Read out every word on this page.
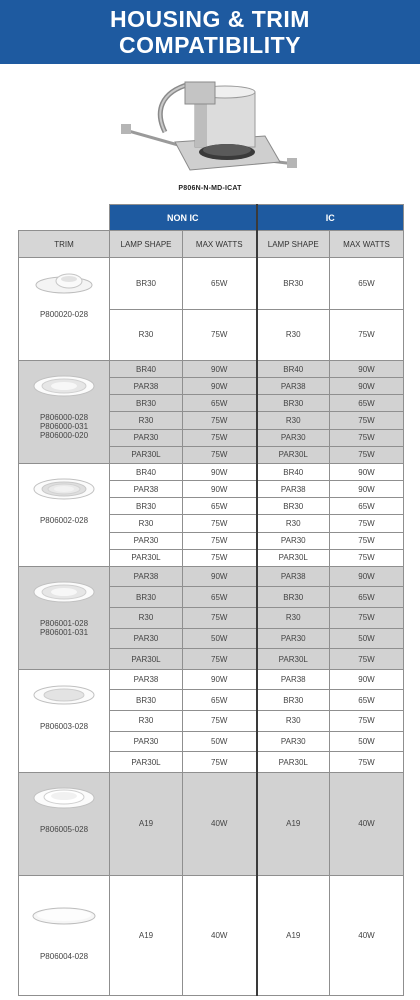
HOUSING & TRIM
COMPATIBILITY
P806N-N-MD-ICAT
	NON IC		IC	
TRIM	LAMP SHAPE	MAX WATTS	LAMP SHAPE	MAX WATTS

P800020-028	BR30	65W	BR30	65W
	R30	75W	R30	75W

P806000-028
P806000-031
P806000-020	BR40	90W	BR40	90W
	PAR38	90W	PAR38	90W
	BR30	65W	BR30	65W
	R30	75W	R30	75W
	PAR30	75W	PAR30	75W
	PAR30L	75W	PAR30L	75W

P806002-028	BR40	90W	BR40	90W
	PAR38	90W	PAR38	90W
	BR30	65W	BR30	65W
	R30	75W	R30	75W
	PAR30	75W	PAR30	75W
	PAR30L	75W	PAR30L	75W

P806001-028
P806001-031	PAR38	90W	PAR38	90W
	BR30	65W	BR30	65W
	R30	75W	R30	75W
	PAR30	50W	PAR30	50W
	PAR30L	75W	PAR30L	75W

P806003-028	PAR38	90W	PAR38	90W
	BR30	65W	BR30	65W
	R30	75W	R30	75W
	PAR30	50W	PAR30	50W
	PAR30L	75W	PAR30L	75W

P806005-028	A19	40W	A19	40W

P806004-028	A19	40W	A19	40W
